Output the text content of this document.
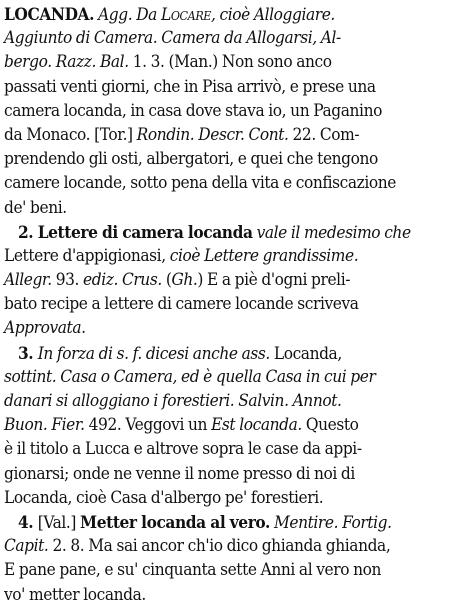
LOCANDA. Agg. Da Locare, cioè Alloggiare.
Aggiunto di Camera. Camera da Allogarsi, Al-
bergo. Razz. Bal. 1. 3. (Man.) Non sono anco
passati venti giorni, che in Pisa arrivò, e prese una
camera locanda, in casa dove stava io, un Paganino
da Monaco. [Tor.] Rondin. Descr. Cont. 22. Com-
prendendo gli osti, albergatori, e quei che tengono
camere locande, sotto pena della vita e confiscazione
de' beni.
2. Lettere di camera locanda vale il medesimo che
Lettere d'appigionasi, cioè Lettere grandissime.
Allegr. 93. ediz. Crus. (Gh.) E a piè d'ogni preli-
bato recipe a lettere di camere locande scriveva
Approvata.
3. In forza di s. f. dicesi anche ass. Locanda,
sottint. Casa o Camera, ed è quella Casa in cui per
danari si alloggiano i forestieri. Salvin. Annot.
Buon. Fier. 492. Veggovi un Est locanda. Questo
è il titolo a Lucca e altrove sopra le case da appi-
gionarsi; onde ne venne il nome presso di noi di
Locanda, cioè Casa d'albergo pe' forestieri.
4. [Val.] Metter locanda al vero. Mentire. Fortig.
Capit. 2. 8. Ma sai ancor ch'io dico ghianda ghianda,
E pane pane, e su' cinquanta sette Anni al vero non
vo' metter locanda.
